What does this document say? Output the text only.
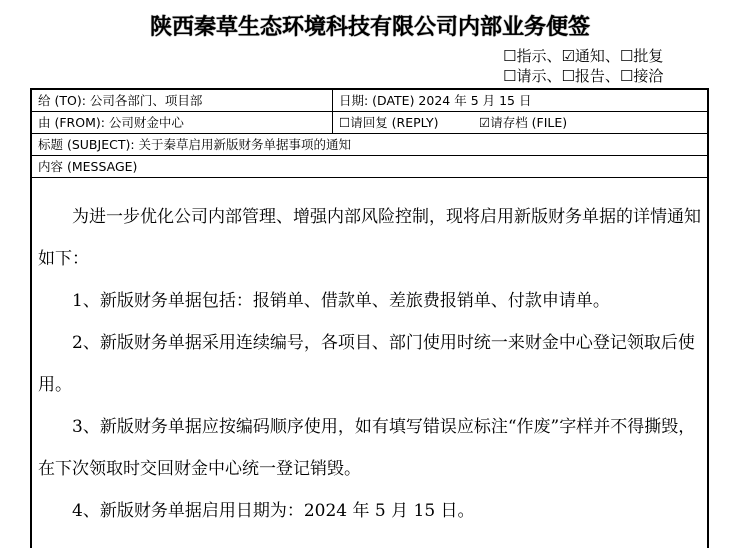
陕西秦草生态环境科技有限公司内部业务便签
☐指示、☑通知、☐批复
☐请示、☐报告、☐接洽
给 (TO): 公司各部门、项目部	日期: (DATE) 2024 年 5 月 15 日
由 (FROM): 公司财金中心	☐请回复 (REPLY)	☑请存档 (FILE)
标题 (SUBJECT): 关于秦草启用新版财务单据事项的通知
内容 (MESSAGE)

为进一步优化公司内部管理、增强内部风险控制，现将启用新版财务单据的详情通知如下：

1、新版财务单据包括：报销单、借款单、差旅费报销单、付款申请单。

2、新版财务单据采用连续编号，各项目、部门使用时统一来财金中心登记领取后使用。

3、新版财务单据应按编码顺序使用，如有填写错误应标注“作废”字样并不得撕毁，在下次领取时交回财金中心统一登记销毁。

4、新版财务单据启用日期为：2024 年 5 月 15 日。
